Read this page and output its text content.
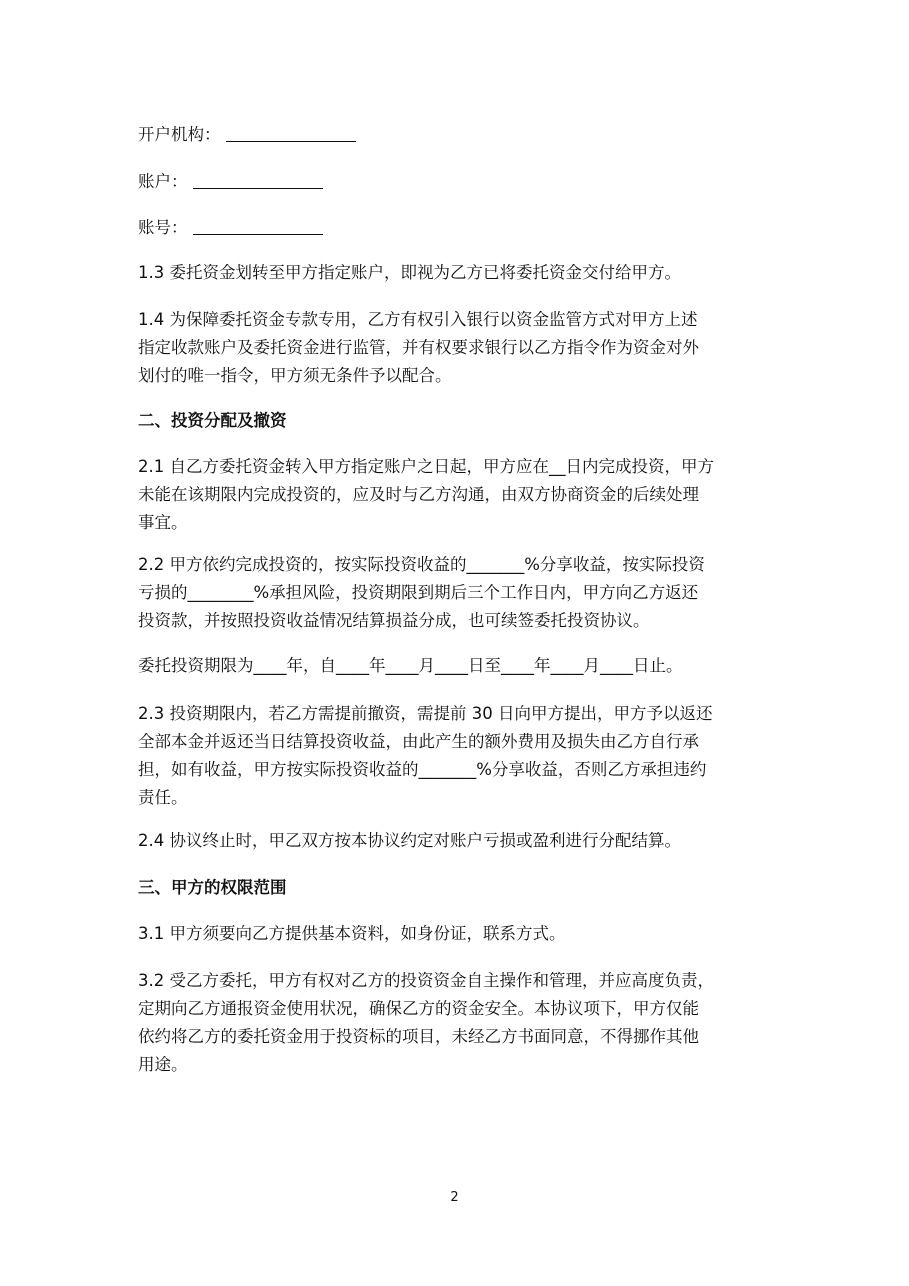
开户机构：
账户：
账号：

1.3 委托资金划转至甲方指定账户，即视为乙方已将委托资金交付给甲方。

1.4 为保障委托资金专款专用，乙方有权引入银行以资金监管方式对甲方上述
指定收款账户及委托资金进行监管，并有权要求银行以乙方指令作为资金对外
划付的唯一指令，甲方须无条件予以配合。

二、投资分配及撤资

2.1 自乙方委托资金转入甲方指定账户之日起，甲方应在__日内完成投资，甲方
未能在该期限内完成投资的，应及时与乙方沟通，由双方协商资金的后续处理
事宜。

2.2 甲方依约完成投资的，按实际投资收益的_______%分享收益，按实际投资
亏损的________%承担风险，投资期限到期后三个工作日内，甲方向乙方返还
投资款，并按照投资收益情况结算损益分成，也可续签委托投资协议。

委托投资期限为____年，自____年____月____日至____年____月____日止。

2.3 投资期限内，若乙方需提前撤资，需提前 30 日向甲方提出，甲方予以返还
全部本金并返还当日结算投资收益，由此产生的额外费用及损失由乙方自行承
担，如有收益，甲方按实际投资收益的_______%分享收益，否则乙方承担违约
责任。

2.4 协议终止时，甲乙双方按本协议约定对账户亏损或盈利进行分配结算。

三、甲方的权限范围

3.1 甲方须要向乙方提供基本资料，如身份证，联系方式。

3.2 受乙方委托，甲方有权对乙方的投资资金自主操作和管理，并应高度负责，
定期向乙方通报资金使用状况，确保乙方的资金安全。本协议项下，甲方仅能
依约将乙方的委托资金用于投资标的项目，未经乙方书面同意，不得挪作其他
用途。

2
